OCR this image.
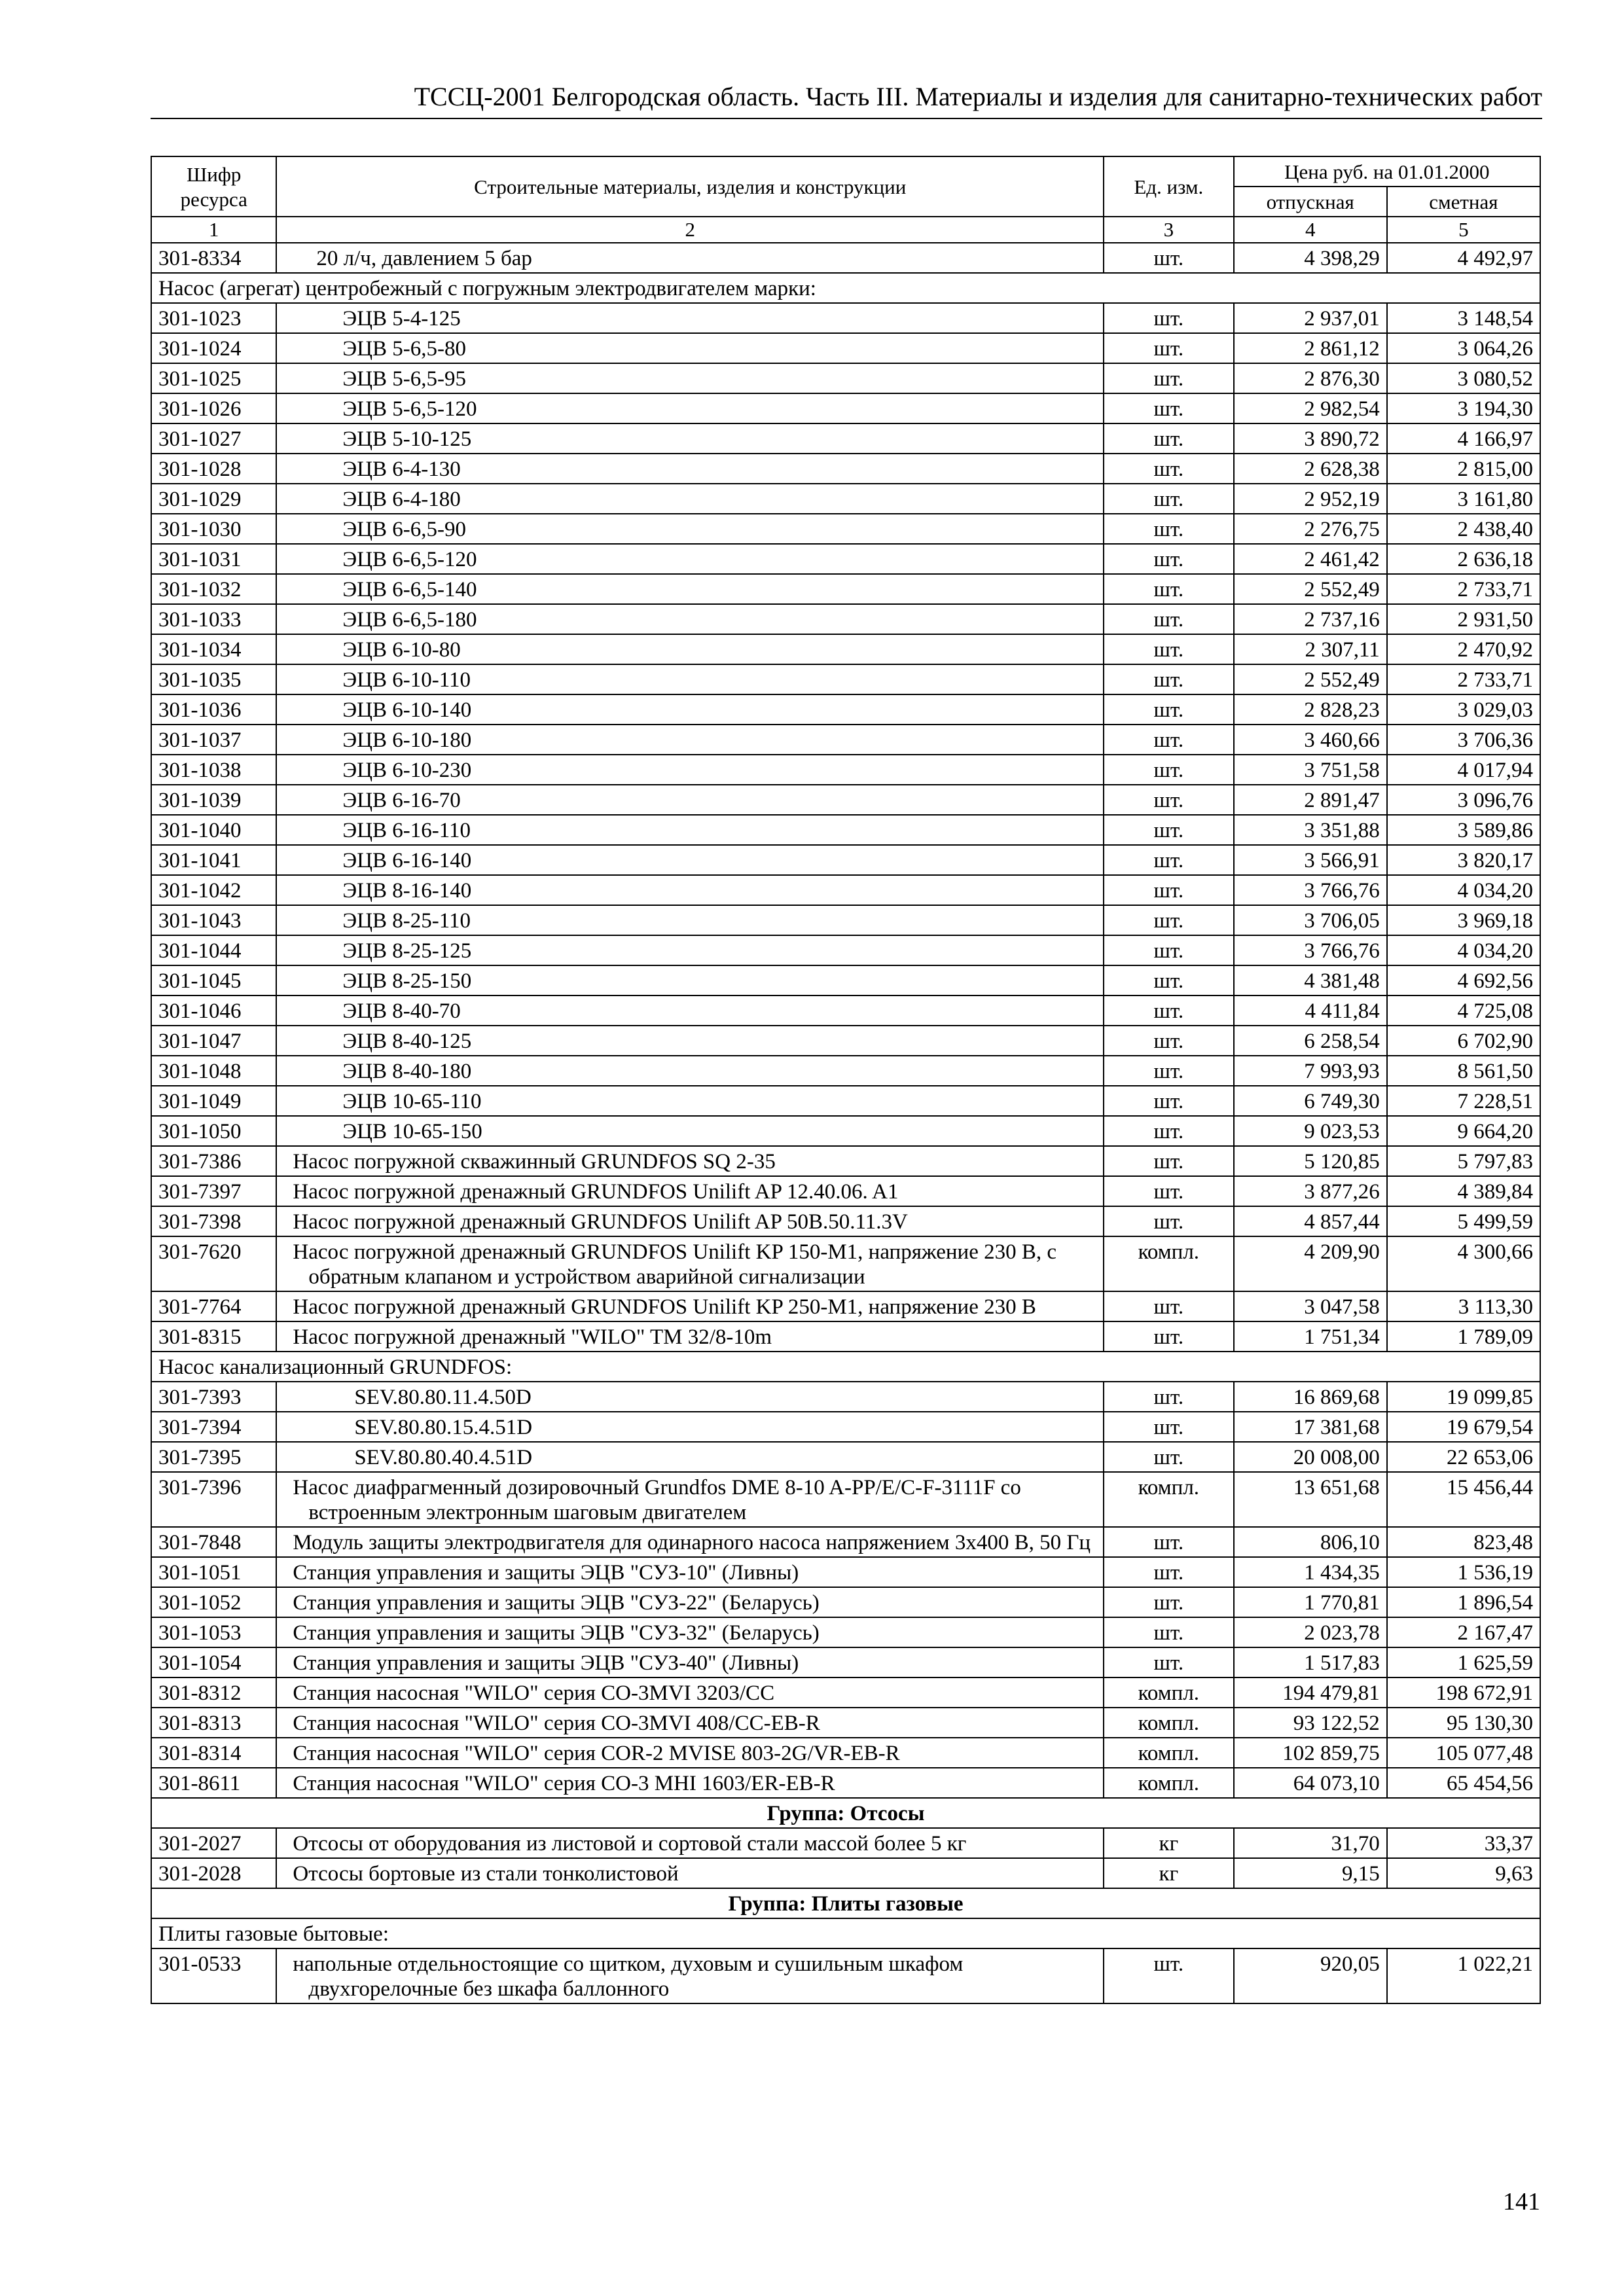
ТССЦ-2001 Белгородская область. Часть III. Материалы и изделия для санитарно-технических работ
Шифр ресурса	Строительные материалы, изделия и конструкции	Ед. изм.	Цена руб. на 01.01.2000	
			отпускная	сметная
1	2	3	4	5
301-8334	20 л/ч, давлением 5 бар	шт.	4 398,29	4 492,97
Насос (агрегат) центробежный с погружным электродвигателем марки:				
301-1023	ЭЦВ 5-4-125	шт.	2 937,01	3 148,54
301-1024	ЭЦВ 5-6,5-80	шт.	2 861,12	3 064,26
301-1025	ЭЦВ 5-6,5-95	шт.	2 876,30	3 080,52
301-1026	ЭЦВ 5-6,5-120	шт.	2 982,54	3 194,30
301-1027	ЭЦВ 5-10-125	шт.	3 890,72	4 166,97
301-1028	ЭЦВ 6-4-130	шт.	2 628,38	2 815,00
301-1029	ЭЦВ 6-4-180	шт.	2 952,19	3 161,80
301-1030	ЭЦВ 6-6,5-90	шт.	2 276,75	2 438,40
301-1031	ЭЦВ 6-6,5-120	шт.	2 461,42	2 636,18
301-1032	ЭЦВ 6-6,5-140	шт.	2 552,49	2 733,71
301-1033	ЭЦВ 6-6,5-180	шт.	2 737,16	2 931,50
301-1034	ЭЦВ 6-10-80	шт.	2 307,11	2 470,92
301-1035	ЭЦВ 6-10-110	шт.	2 552,49	2 733,71
301-1036	ЭЦВ 6-10-140	шт.	2 828,23	3 029,03
301-1037	ЭЦВ 6-10-180	шт.	3 460,66	3 706,36
301-1038	ЭЦВ 6-10-230	шт.	3 751,58	4 017,94
301-1039	ЭЦВ 6-16-70	шт.	2 891,47	3 096,76
301-1040	ЭЦВ 6-16-110	шт.	3 351,88	3 589,86
301-1041	ЭЦВ 6-16-140	шт.	3 566,91	3 820,17
301-1042	ЭЦВ 8-16-140	шт.	3 766,76	4 034,20
301-1043	ЭЦВ 8-25-110	шт.	3 706,05	3 969,18
301-1044	ЭЦВ 8-25-125	шт.	3 766,76	4 034,20
301-1045	ЭЦВ 8-25-150	шт.	4 381,48	4 692,56
301-1046	ЭЦВ 8-40-70	шт.	4 411,84	4 725,08
301-1047	ЭЦВ 8-40-125	шт.	6 258,54	6 702,90
301-1048	ЭЦВ 8-40-180	шт.	7 993,93	8 561,50
301-1049	ЭЦВ 10-65-110	шт.	6 749,30	7 228,51
301-1050	ЭЦВ 10-65-150	шт.	9 023,53	9 664,20
301-7386	Насос погружной скважинный GRUNDFOS SQ 2-35	шт.	5 120,85	5 797,83
301-7397	Насос погружной дренажный GRUNDFOS Unilift AP 12.40.06. A1	шт.	3 877,26	4 389,84
301-7398	Насос погружной дренажный GRUNDFOS Unilift AP 50B.50.11.3V	шт.	4 857,44	5 499,59
301-7620	Насос погружной дренажный GRUNDFOS Unilift KP 150-M1, напряжение 230 В, с обратным клапаном и устройством аварийной сигнализации	компл.	4 209,90	4 300,66
301-7764	Насос погружной дренажный GRUNDFOS Unilift KP 250-M1, напряжение 230 В	шт.	3 047,58	3 113,30
301-8315	Насос погружной дренажный "WILO" TM 32/8-10m	шт.	1 751,34	1 789,09
Насос канализационный GRUNDFOS:				
301-7393	SEV.80.80.11.4.50D	шт.	16 869,68	19 099,85
301-7394	SEV.80.80.15.4.51D	шт.	17 381,68	19 679,54
301-7395	SEV.80.80.40.4.51D	шт.	20 008,00	22 653,06
301-7396	Насос диафрагменный дозировочный Grundfos DME 8-10 A-PP/E/C-F-3111F со встроенным электронным шаговым двигателем	компл.	13 651,68	15 456,44
301-7848	Модуль защиты электродвигателя для одинарного насоса напряжением 3x400 В, 50 Гц	шт.	806,10	823,48
301-1051	Станция управления и защиты ЭЦВ "СУЗ-10" (Ливны)	шт.	1 434,35	1 536,19
301-1052	Станция управления и защиты ЭЦВ "СУЗ-22" (Беларусь)	шт.	1 770,81	1 896,54
301-1053	Станция управления и защиты ЭЦВ "СУЗ-32" (Беларусь)	шт.	2 023,78	2 167,47
301-1054	Станция управления и защиты ЭЦВ "СУЗ-40" (Ливны)	шт.	1 517,83	1 625,59
301-8312	Станция насосная "WILO" серия CO-3MVI 3203/CC	компл.	194 479,81	198 672,91
301-8313	Станция насосная "WILO" серия CO-3MVI 408/CC-EB-R	компл.	93 122,52	95 130,30
301-8314	Станция насосная "WILO" серия COR-2 MVISE 803-2G/VR-EB-R	компл.	102 859,75	105 077,48
301-8611	Станция насосная "WILO" серия CO-3 MHI 1603/ER-EB-R	компл.	64 073,10	65 454,56
Группа: Отсосы				
301-2027	Отсосы от оборудования из листовой и сортовой стали массой более 5 кг	кг	31,70	33,37
301-2028	Отсосы бортовые из стали тонколистовой	кг	9,15	9,63
Группа: Плиты газовые				
Плиты газовые бытовые:				
301-0533	напольные отдельностоящие со щитком, духовым и сушильным шкафом двухгорелочные без шкафа баллонного	шт.	920,05	1 022,21
141
